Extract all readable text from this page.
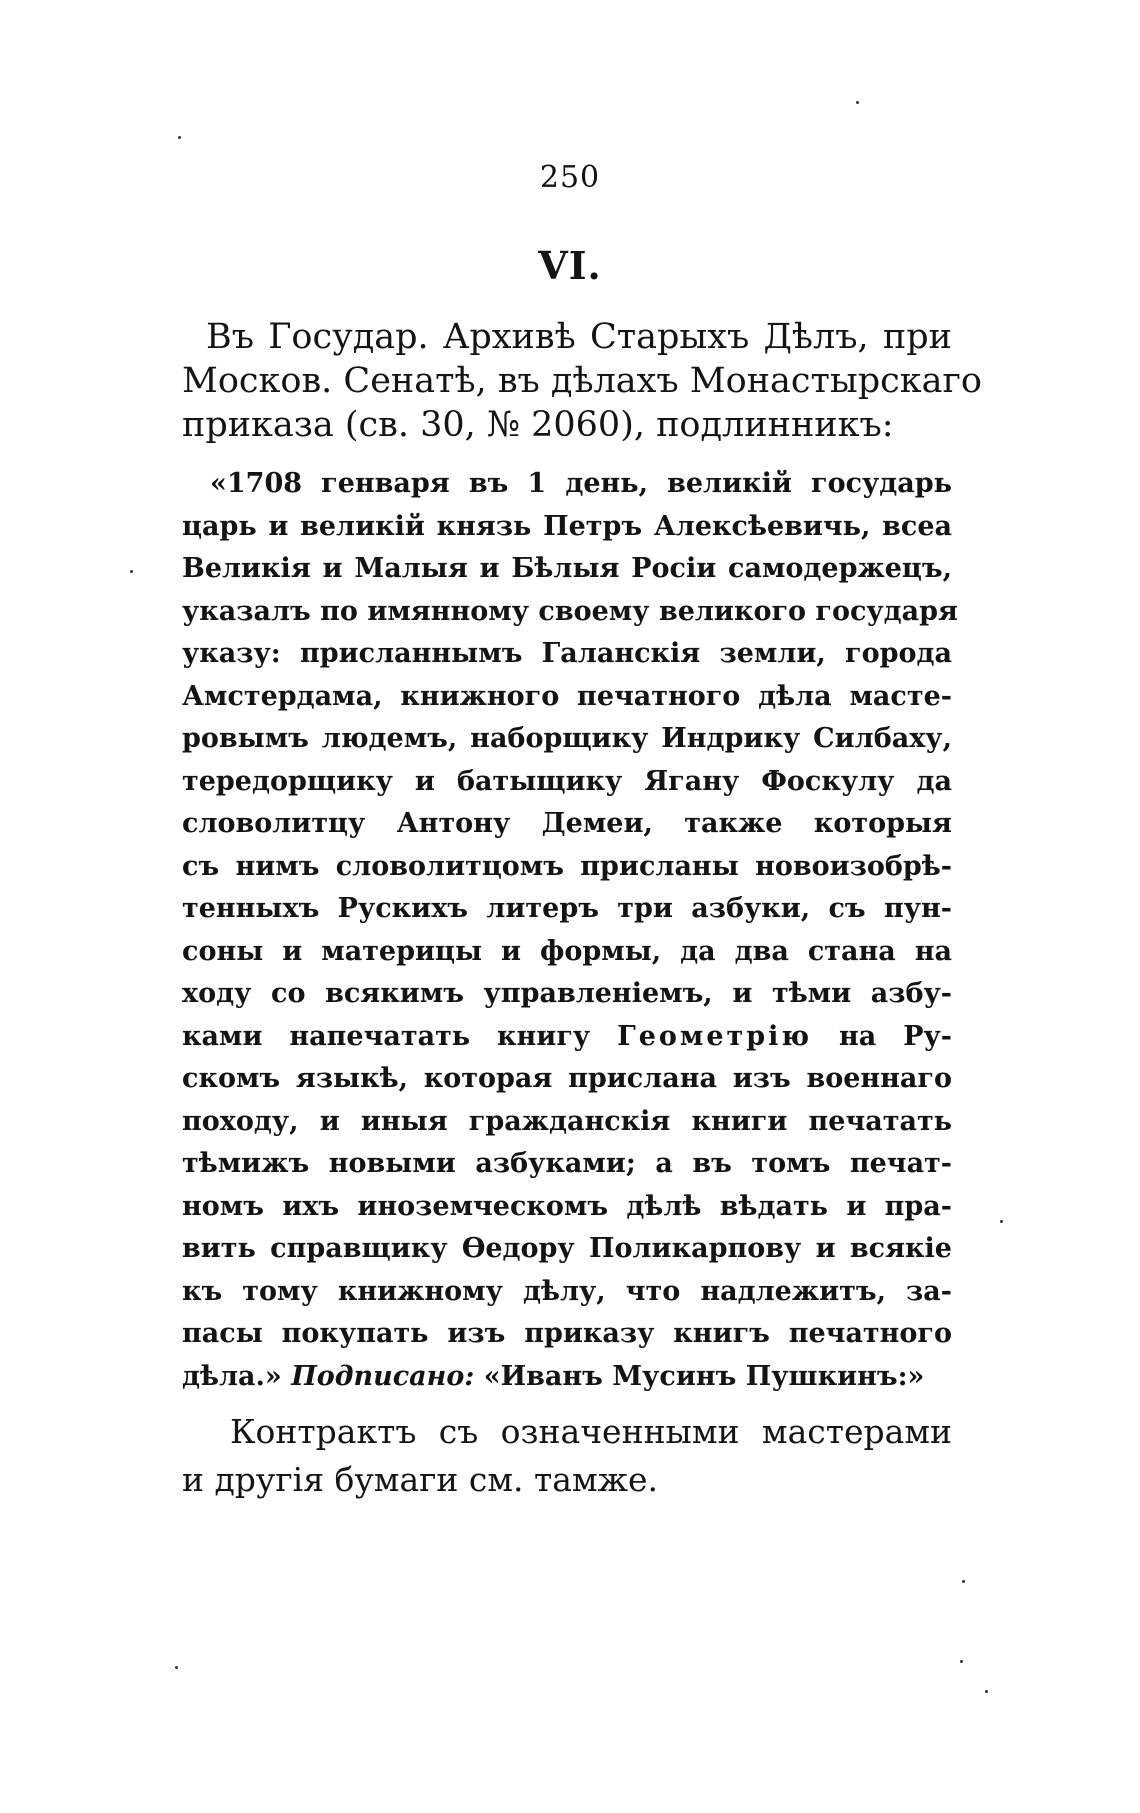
250
VI.
Въ Государ. Архивѣ Старыхъ Дѣлъ, при
Москов. Сенатѣ, въ дѣлахъ Монастырскаго
приказа (св. 30, № 2060), подлинникъ:
«1708 генваря въ 1 день, великій государь
царь и великій князь Петръ Алексѣевичь, всеа
Великія и Малыя и Бѣлыя Росіи самодержецъ,
указалъ по имянному своему великого государя
указу: присланнымъ Галанскія земли, города
Амстердама, книжного печатного дѣла масте-
ровымъ людемъ, наборщику Индрику Силбаху,
тередорщику и батыщику Ягану Фоскулу да
словолитцу Антону Демеи, также которыя
съ нимъ словолитцомъ присланы новоизобрѣ-
тенныхъ Рускихъ литеръ три азбуки, съ пун-
соны и материцы и формы, да два стана на
ходу со всякимъ управленіемъ, и тѣми азбу-
ками напечатать книгу Геометрію на Ру-
скомъ языкѣ, которая прислана изъ военнаго
походу, и иныя гражданскія книги печатать
тѣмижъ новыми азбуками; а въ томъ печат-
номъ ихъ иноземческомъ дѣлѣ вѣдать и пра-
вить справщику Ѳедору Поликарпову и всякіе
къ тому книжному дѣлу, что надлежитъ, за-
пасы покупать изъ приказу книгъ печатного
дѣла.» Подписано: «Иванъ Мусинъ Пушкинъ:»
Контрактъ съ означенными мастерами
и другія бумаги см. тамже.
